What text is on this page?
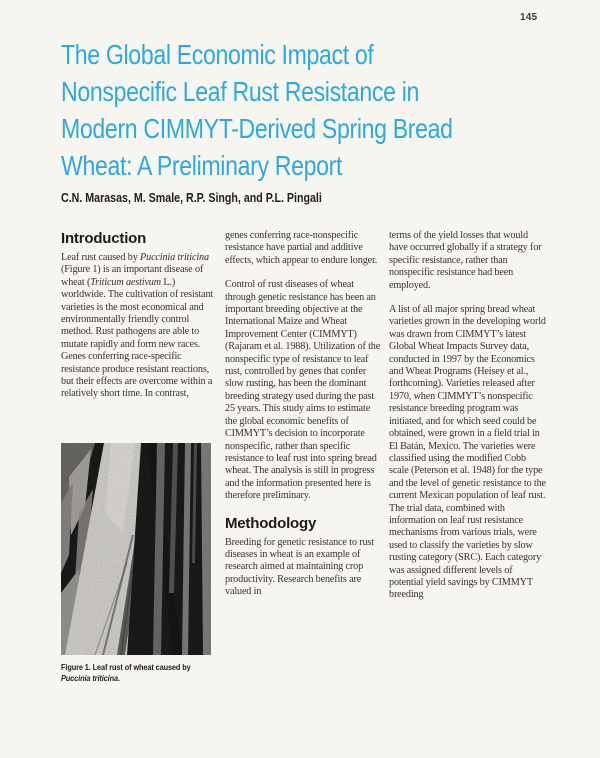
145
The Global Economic Impact of
Nonspecific Leaf Rust Resistance in
Modern CIMMYT-Derived Spring Bread
Wheat: A Preliminary Report
C.N. Marasas, M. Smale, R.P. Singh, and P.L. Pingali
Introduction

Leaf rust caused by Puccinia triticina (Figure 1) is an important disease of wheat (Triticum aestivum L.) worldwide. The cultivation of resistant varieties is the most economical and environmentally friendly control method. Rust pathogens are able to mutate rapidly and form new races. Genes conferring race-specific resistance produce resistant reactions, but their effects are overcome within a relatively short time. In contrast,

Figure 1. Leaf rust of wheat caused by Puccinia triticina.

genes conferring race-nonspecific resistance have partial and additive effects, which appear to endure longer.

Control of rust diseases of wheat through genetic resistance has been an important breeding objective at the International Maize and Wheat Improvement Center (CIMMYT) (Rajaram et al. 1988). Utilization of the nonspecific type of resistance to leaf rust, controlled by genes that confer slow rusting, has been the dominant breeding strategy used during the past 25 years. This study aims to estimate the global economic benefits of CIMMYT’s decision to incorporate nonspecific, rather than specific resistance to leaf rust into spring bread wheat. The analysis is still in progress and the information presented here is therefore preliminary.

Methodology

Breeding for genetic resistance to rust diseases in wheat is an example of research aimed at maintaining crop productivity. Research benefits are valued in

terms of the yield losses that would have occurred globally if a strategy for specific resistance, rather than nonspecific resistance had been employed.

A list of all major spring bread wheat varieties grown in the developing world was drawn from CIMMYT’s latest Global Wheat Impacts Survey data, conducted in 1997 by the Economics and Wheat Programs (Heisey et al., forthcoming). Varieties released after 1970, when CIMMYT’s nonspecific resistance breeding program was initiated, and for which seed could be obtained, were grown in a field trial in El Batán, Mexico. The varieties were classified using the modified Cobb scale (Peterson et al. 1948) for the type and the level of genetic resistance to the current Mexican population of leaf rust. The trial data, combined with information on leaf rust resistance mechanisms from various trials, were used to classify the varieties by slow rusting category (SRC). Each category was assigned different levels of potential yield savings by CIMMYT breeding
